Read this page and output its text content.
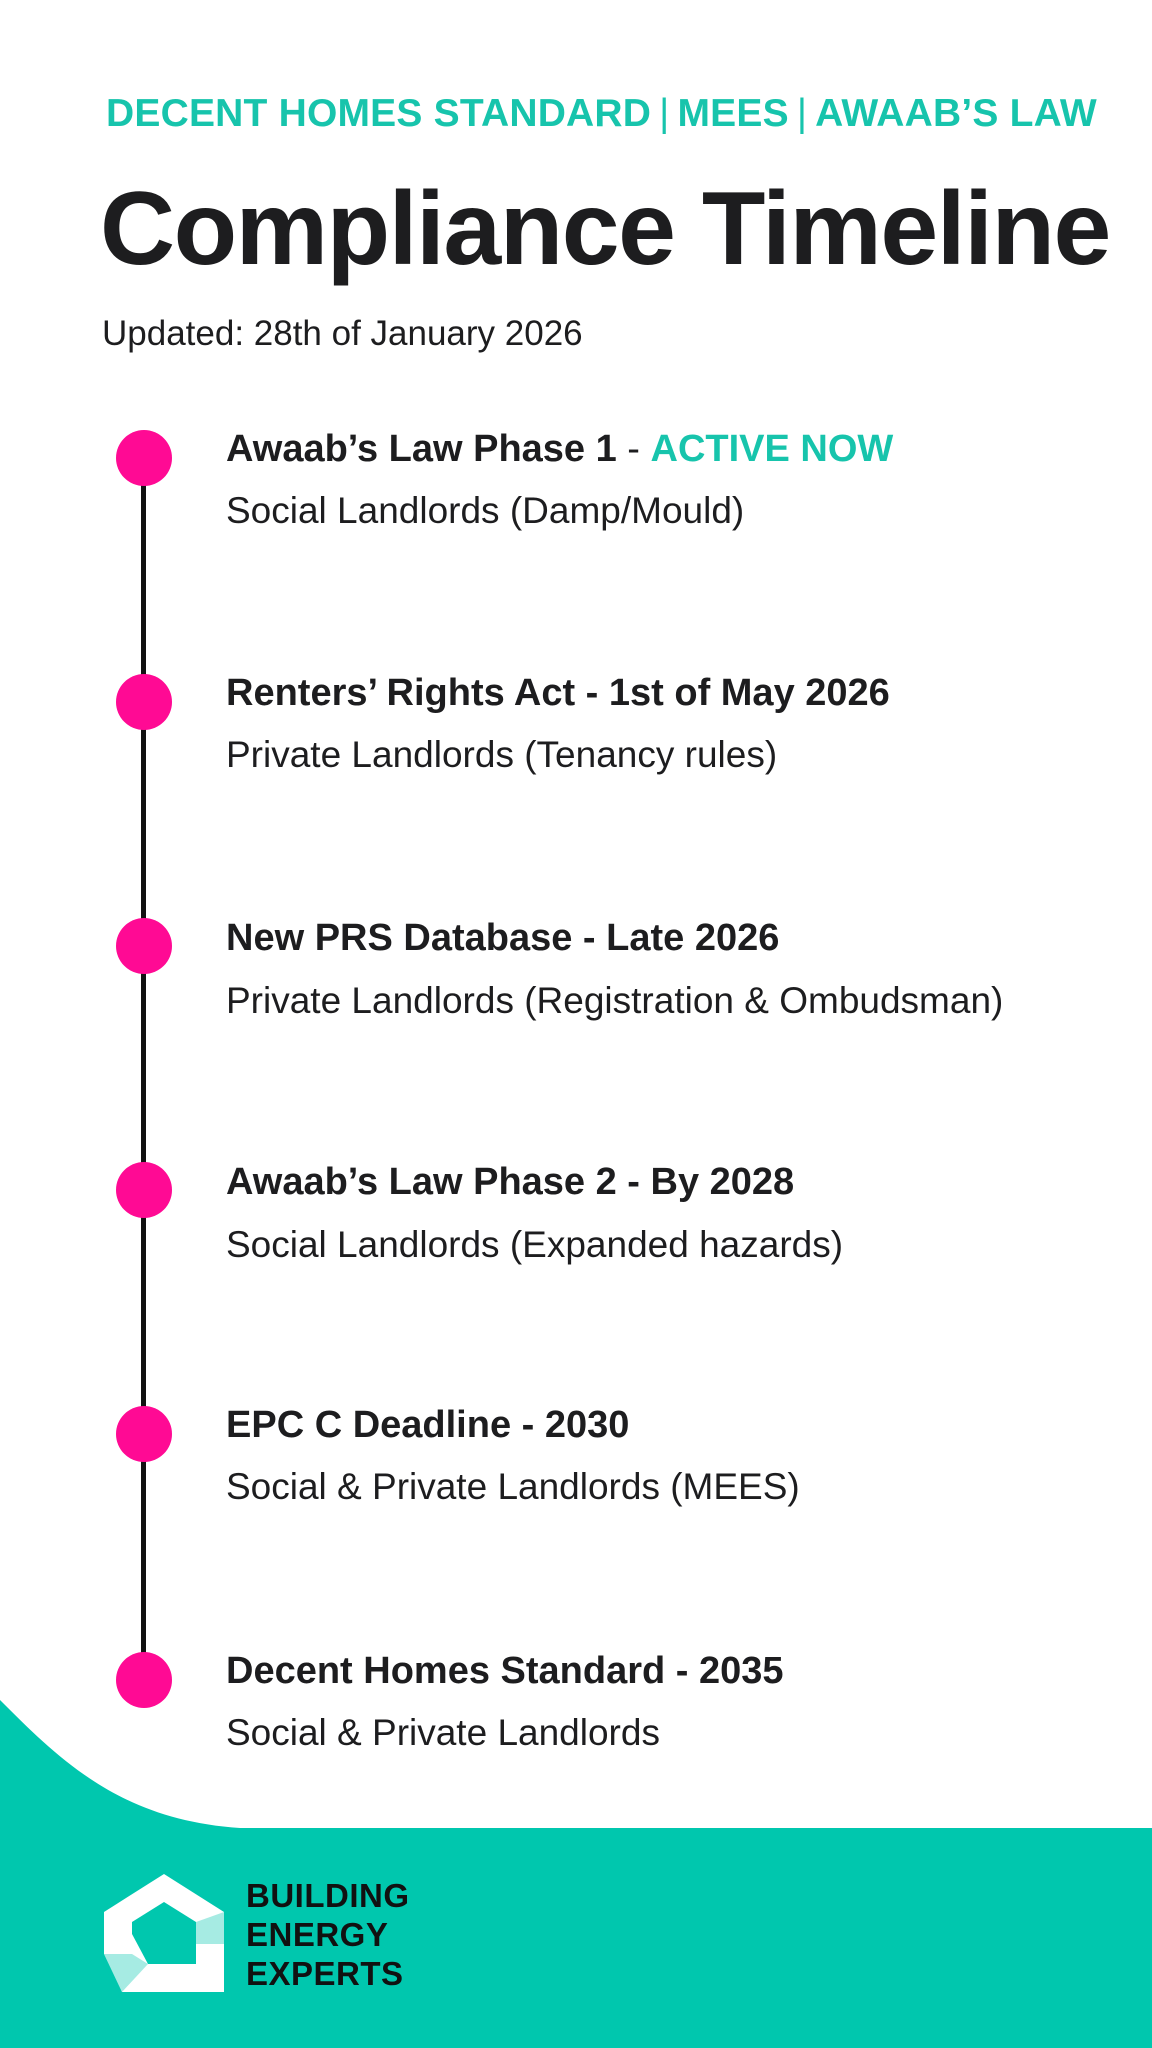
DECENT HOMES STANDARD | MEES | AWAAB’S LAW
Compliance Timeline
Updated: 28th of January 2026
Awaab’s Law Phase 1 - ACTIVE NOW
Social Landlords (Damp/Mould)
Renters’ Rights Act - 1st of May 2026
Private Landlords (Tenancy rules)
New PRS Database - Late 2026
Private Landlords (Registration & Ombudsman)
Awaab’s Law Phase 2 - By 2028
Social Landlords (Expanded hazards)
EPC C Deadline - 2030
Social & Private Landlords (MEES)
Decent Homes Standard - 2035
Social & Private Landlords
BUILDING
ENERGY
EXPERTS
